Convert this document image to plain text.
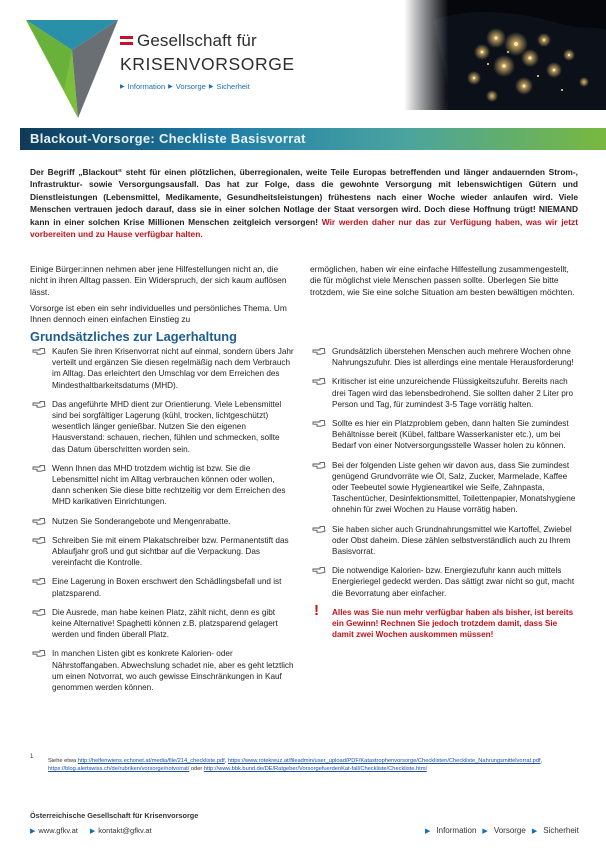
Gesellschaft für
KRISENVORSORGE
▶ Information ▶ Vorsorge ▶ Sicherheit
Blackout-Vorsorge: Checkliste Basisvorrat
Der Begriff „Blackout“ steht für einen plötzlichen, überregionalen, weite Teile Europas betreffenden und länger andauernden Strom-, Infrastruktur- sowie Versorgungsausfall. Das hat zur Folge, dass die gewohnte Versorgung mit lebenswichtigen Gütern und Dienstleistungen (Lebensmittel, Medikamente, Gesundheitsleistungen) frühestens nach einer Woche wieder anlaufen wird. Viele Menschen vertrauen jedoch darauf, dass sie in einer solchen Notlage der Staat versorgen wird. Doch diese Hoffnung trügt! NIEMAND kann in einer solchen Krise Millionen Menschen zeitgleich versorgen! Wir werden daher nur das zur Verfügung haben, was wir jetzt vorbereiten und zu Hause verfügbar halten.

Einige Bürger:innen nehmen aber jene Hilfestellungen nicht an, die nicht in ihren Alltag passen. Ein Widerspruch, der sich kaum auflösen lässt.

Vorsorge ist eben ein sehr individuelles und persönliches Thema. Um Ihnen dennoch einen einfachen Einstieg zu

ermöglichen, haben wir eine einfache Hilfestellung zusammengestellt, die für möglichst viele Menschen passen sollte. Überlegen Sie bitte trotzdem, wie Sie eine solche Situation am besten bewältigen möchten.

Grundsätzliches zur Lagerhaltung
Kaufen Sie ihren Krisenvorrat nicht auf einmal, sondern übers Jahr verteilt und ergänzen Sie diesen regelmäßig nach dem Verbrauch im Alltag. Das erleichtert den Umschlag vor dem Erreichen des Mindesthaltbarkeitsdatums (MHD).
Das angeführte MHD dient zur Orientierung. Viele Lebensmittel sind bei sorgfältiger Lagerung (kühl, trocken, lichtgeschützt) wesentlich länger genießbar. Nutzen Sie den eigenen Hausverstand: schauen, riechen, fühlen und schmecken, sollte das Datum überschritten worden sein.
Wenn Ihnen das MHD trotzdem wichtig ist bzw. Sie die Lebensmittel nicht im Alltag verbrauchen können oder wollen, dann schenken Sie diese bitte rechtzeitig vor dem Erreichen des MHD karikativen Einrichtungen.
Nutzen Sie Sonderangebote und Mengenrabatte.
Schreiben Sie mit einem Plakatschreiber bzw. Permanentstift das Ablaufjahr groß und gut sichtbar auf die Verpackung. Das vereinfacht die Kontrolle.
Eine Lagerung in Boxen erschwert den Schädlingsbefall und ist platzsparend.
Die Ausrede, man habe keinen Platz, zählt nicht, denn es gibt keine Alternative! Spaghetti können z.B. platzsparend gelagert werden und finden überall Platz.
In manchen Listen gibt es konkrete Kalorien- oder Nährstoffangaben. Abwechslung schadet nie, aber es geht letztlich um einen Notvorrat, wo auch gewisse Einschränkungen in Kauf genommen werden können.
Grundsätzlich überstehen Menschen auch mehrere Wochen ohne Nahrungszufuhr. Dies ist allerdings eine mentale Herausforderung!
Kritischer ist eine unzureichende Flüssigkeitszufuhr. Bereits nach drei Tagen wird das lebensbedrohend. Sie sollten daher 2 Liter pro Person und Tag, für zumindest 3-5 Tage vorrätig halten.
Sollte es hier ein Platzproblem geben, dann halten Sie zumindest Behältnisse bereit (Kübel, faltbare Wasserkanister etc.), um bei Bedarf von einer Notversorgungsstelle Wasser holen zu können.
Bei der folgenden Liste gehen wir davon aus, dass Sie zumindest genügend Grundvorräte wie Öl, Salz, Zucker, Marmelade, Kaffee oder Teebeutel sowie Hygieneartikel wie Seife, Zahnpasta, Taschentücher, Desinfektionsmittel, Toilettenpapier, Monatshygiene ohnehin für zwei Wochen zu Hause vorrätig haben.
Sie haben sicher auch Grundnahrungsmittel wie Kartoffel, Zwiebel oder Obst daheim. Diese zählen selbstverständlich auch zu Ihrem Basisvorrat.
Die notwendige Kalorien- bzw. Energiezufuhr kann auch mittels Energieriegel gedeckt werden. Das sättigt zwar nicht so gut, macht die Bevorratung aber einfacher.
! Alles was Sie nun mehr verfügbar haben als bisher, ist bereits ein Gewinn! Rechnen Sie jedoch trotzdem damit, dass Sie damit zwei Wochen auskommen müssen!
1
Siehe etwa http://helfenwiens.echonet.at/media/file/214_checkliste.pdf, https://www.rotekreuz.at/fileadmin/user_upload/PDF/Katastrophenvorsorge/Checklisten/Checkliste_Nahrungsmittelvorrat.pdf, https://blog.alertswiss.ch/de/rubriken/vorsorge/notvorrat/ oder http://www.bbk.bund.de/DE/Ratgeber/VorsorgefuerdenKat-fall/Checkliste/Checkliste.html
Österreichische Gesellschaft für Krisenvorsorge
▶ www.gfkv.at ▶ kontakt@gfkv.at	▶ Information ▶ Vorsorge ▶ Sicherheit
